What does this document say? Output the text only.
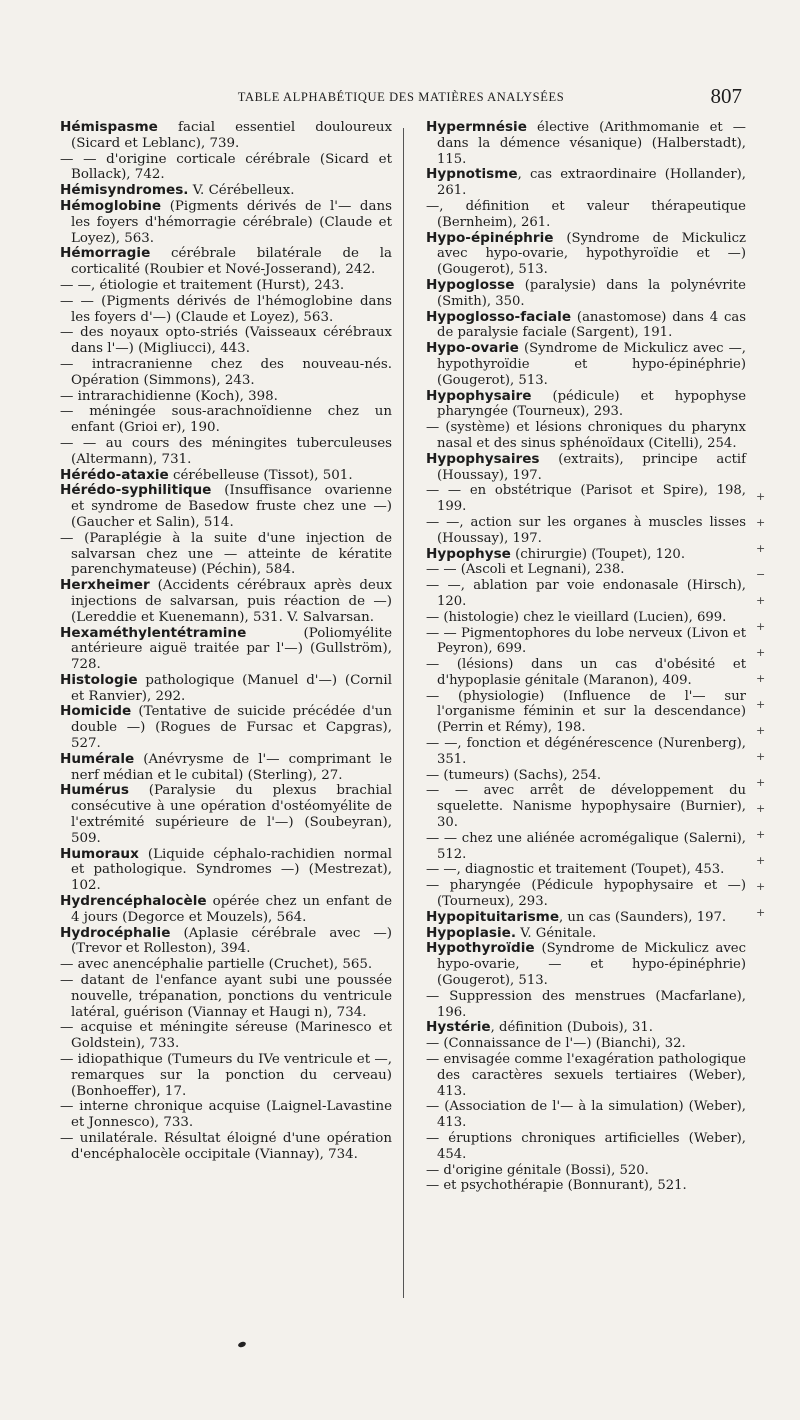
TABLE ALPHABÉTIQUE DES MATIÈRES ANALYSÉES	807
Hémispasme facial essentiel douloureux (Sicard et Leblanc), 739.
— — d'origine corticale cérébrale (Sicard et Bollack), 742.
Hémisyndromes. V. Cérébelleux.
Hémoglobine (Pigments dérivés de l'— dans les foyers d'hémorragie cérébrale) (Claude et Loyez), 563.
Hémorragie cérébrale bilatérale de la corticalité (Roubier et Nové-Josserand), 242.
— —, étiologie et traitement (Hurst), 243.
— — (Pigments dérivés de l'hémoglobine dans les foyers d'—) (Claude et Loyez), 563.
— des noyaux opto-striés (Vaisseaux cérébraux dans l'—) (Migliucci), 443.
— intracranienne chez des nouveau-nés. Opération (Simmons), 243.
— intrarachidienne (Koch), 398.
— méningée sous-arachnoïdienne chez un enfant (Grioi er), 190.
— — au cours des méningites tuberculeuses (Altermann), 731.
Hérédo-ataxie cérébelleuse (Tissot), 501.
Hérédo-syphilitique (Insuffisance ovarienne et syndrome de Basedow fruste chez une —) (Gaucher et Salin), 514.
— (Paraplégie à la suite d'une injection de salvarsan chez une — atteinte de kératite parenchymateuse) (Péchin), 584.
Herxheimer (Accidents cérébraux après deux injections de salvarsan, puis réaction de —) (Lereddie et Kuenemann), 531. V. Salvarsan.
Hexaméthylentétramine (Poliomyélite antérieure aiguë traitée par l'—) (Gullström), 728.
Histologie pathologique (Manuel d'—) (Cornil et Ranvier), 292.
Homicide (Tentative de suicide précédée d'un double —) (Rogues de Fursac et Capgras), 527.
Humérale (Anévrysme de l'— comprimant le nerf médian et le cubital) (Sterling), 27.
Humérus (Paralysie du plexus brachial consécutive à une opération d'ostéomyélite de l'extrémité supérieure de l'—) (Soubeyran), 509.
Humoraux (Liquide céphalo-rachidien normal et pathologique. Syndromes —) (Mestrezat), 102.
Hydrencéphalocèle opérée chez un enfant de 4 jours (Degorce et Mouzels), 564.
Hydrocéphalie (Aplasie cérébrale avec —) (Trevor et Rolleston), 394.
— avec anencéphalie partielle (Cruchet), 565.
— datant de l'enfance ayant subi une poussée nouvelle, trépanation, ponctions du ventricule latéral, guérison (Viannay et Haugi n), 734.
— acquise et méningite séreuse (Marinesco et Goldstein), 733.
— idiopathique (Tumeurs du IVe ventricule et —, remarques sur la ponction du cerveau) (Bonhoeffer), 17.
— interne chronique acquise (Laignel-Lavastine et Jonnesco), 733.
— unilatérale. Résultat éloigné d'une opération d'encéphalocèle occipitale (Viannay), 734.
Hypermnésie élective (Arithmomanie et — dans la démence vésanique) (Halberstadt), 115.
Hypnotisme, cas extraordinaire (Hollander), 261.
—, définition et valeur thérapeutique (Bernheim), 261.
Hypo-épinéphrie (Syndrome de Mickulicz avec hypo-ovarie, hypothyroïdie et —) (Gougerot), 513.
Hypoglosse (paralysie) dans la polynévrite (Smith), 350.
Hypoglosso-faciale (anastomose) dans 4 cas de paralysie faciale (Sargent), 191.
Hypo-ovarie (Syndrome de Mickulicz avec —, hypothyroïdie et hypo-épinéphrie) (Gougerot), 513.
Hypophysaire (pédicule) et hypophyse pharyngée (Tourneux), 293.
— (système) et lésions chroniques du pharynx nasal et des sinus sphénoïdaux (Citelli), 254.
Hypophysaires (extraits), principe actif (Houssay), 197.
— — en obstétrique (Parisot et Spire), 198, 199.
— —, action sur les organes à muscles lisses (Houssay), 197.
Hypophyse (chirurgie) (Toupet), 120.
— — (Ascoli et Legnani), 238.
— —, ablation par voie endonasale (Hirsch), 120.
— (histologie) chez le vieillard (Lucien), 699.
— — Pigmentophores du lobe nerveux (Livon et Peyron), 699.
— (lésions) dans un cas d'obésité et d'hypoplasie génitale (Maranon), 409.
— (physiologie) (Influence de l'— sur l'organisme féminin et sur la descendance) (Perrin et Rémy), 198.
— —, fonction et dégénérescence (Nurenberg), 351.
— (tumeurs) (Sachs), 254.
— — avec arrêt de développement du squelette. Nanisme hypophysaire (Burnier), 30.
— — chez une aliénée acromégalique (Salerni), 512.
— —, diagnostic et traitement (Toupet), 453.
— pharyngée (Pédicule hypophysaire et —) (Tourneux), 293.
Hypopituitarisme, un cas (Saunders), 197.
Hypoplasie. V. Génitale.
Hypothyroïdie (Syndrome de Mickulicz avec hypo-ovarie, — et hypo-épinéphrie) (Gougerot), 513.
— Suppression des menstrues (Macfarlane), 196.
Hystérie, définition (Dubois), 31.
— (Connaissance de l'—) (Bianchi), 32.
— envisagée comme l'exagération pathologique des caractères sexuels tertiaires (Weber), 413.
— (Association de l'— à la simulation) (Weber), 413.
— éruptions chroniques artificielles (Weber), 454.
— d'origine génitale (Bossi), 520.
— et psychothérapie (Bonnurant), 521.
+
+
+
−
+
+
+
+
+
+
+
+
+
+
+
+
+
